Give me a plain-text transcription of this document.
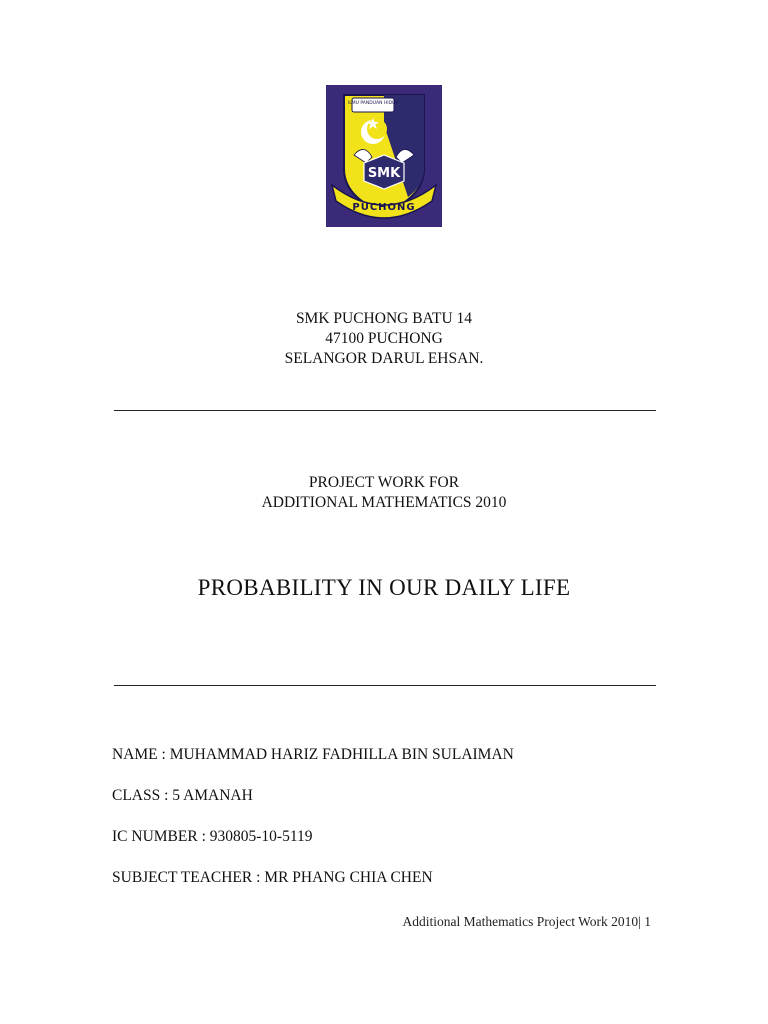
ILMU PANDUAN HIDUP
SMK
PUCHONG
SMK PUCHONG BATU 14
47100 PUCHONG
SELANGOR DARUL EHSAN.
PROJECT WORK FOR
ADDITIONAL MATHEMATICS 2010
PROBABILITY IN OUR DAILY LIFE
NAME : MUHAMMAD HARIZ FADHILLA BIN SULAIMAN
CLASS : 5 AMANAH
IC NUMBER : 930805-10-5119
SUBJECT TEACHER : MR PHANG CHIA CHEN
Additional Mathematics Project Work 2010| 1
